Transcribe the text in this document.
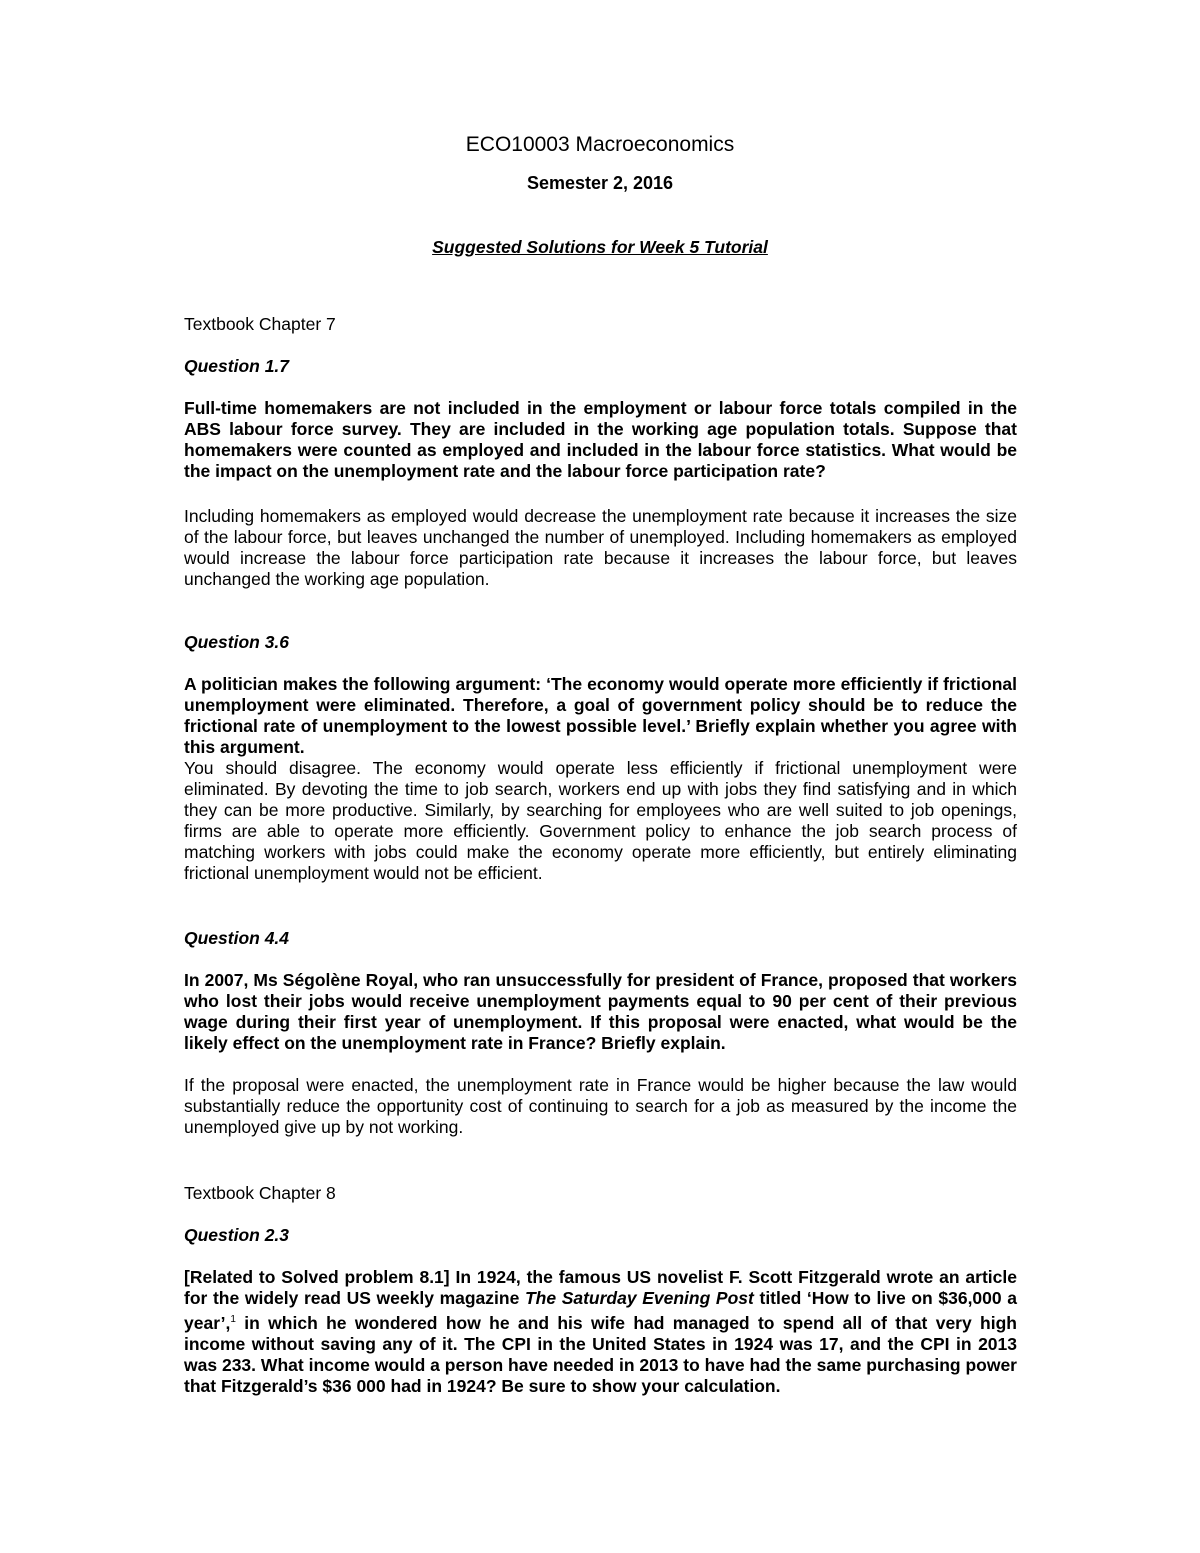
ECO10003 Macroeconomics
Semester 2, 2016
Suggested Solutions for Week 5 Tutorial
Textbook Chapter 7
Question 1.7

Full-time homemakers are not included in the employment or labour force totals compiled in the ABS labour force survey. They are included in the working age population totals. Suppose that homemakers were counted as employed and included in the labour force statistics. What would be the impact on the unemployment rate and the labour force participation rate?

Including homemakers as employed would decrease the unemployment rate because it increases the size of the labour force, but leaves unchanged the number of unemployed. Including homemakers as employed would increase the labour force participation rate because it increases the labour force, but leaves unchanged the working age population.

Question 3.6

A politician makes the following argument: ‘The economy would operate more efficiently if frictional unemployment were eliminated. Therefore, a goal of government policy should be to reduce the frictional rate of unemployment to the lowest possible level.’ Briefly explain whether you agree with this argument.

You should disagree. The economy would operate less efficiently if frictional unemployment were eliminated. By devoting the time to job search, workers end up with jobs they find satisfying and in which they can be more productive. Similarly, by searching for employees who are well suited to job openings, firms are able to operate more efficiently. Government policy to enhance the job search process of matching workers with jobs could make the economy operate more efficiently, but entirely eliminating frictional unemployment would not be efficient.

Question 4.4

In 2007, Ms Ségolène Royal, who ran unsuccessfully for president of France, proposed that workers who lost their jobs would receive unemployment payments equal to 90 per cent of their previous wage during their first year of unemployment. If this proposal were enacted, what would be the likely effect on the unemployment rate in France? Briefly explain.

If the proposal were enacted, the unemployment rate in France would be higher because the law would substantially reduce the opportunity cost of continuing to search for a job as measured by the income the unemployed give up by not working.

Textbook Chapter 8
Question 2.3

[Related to Solved problem 8.1] In 1924, the famous US novelist F. Scott Fitzgerald wrote an article for the widely read US weekly magazine The Saturday Evening Post titled ‘How to live on $36,000 a year’,$^1$ in which he wondered how he and his wife had managed to spend all of that very high income without saving any of it. The CPI in the United States in 1924 was 17, and the CPI in 2013 was 233. What income would a person have needed in 2013 to have had the same purchasing power that Fitzgerald’s $36 000 had in 1924? Be sure to show your calculation.
